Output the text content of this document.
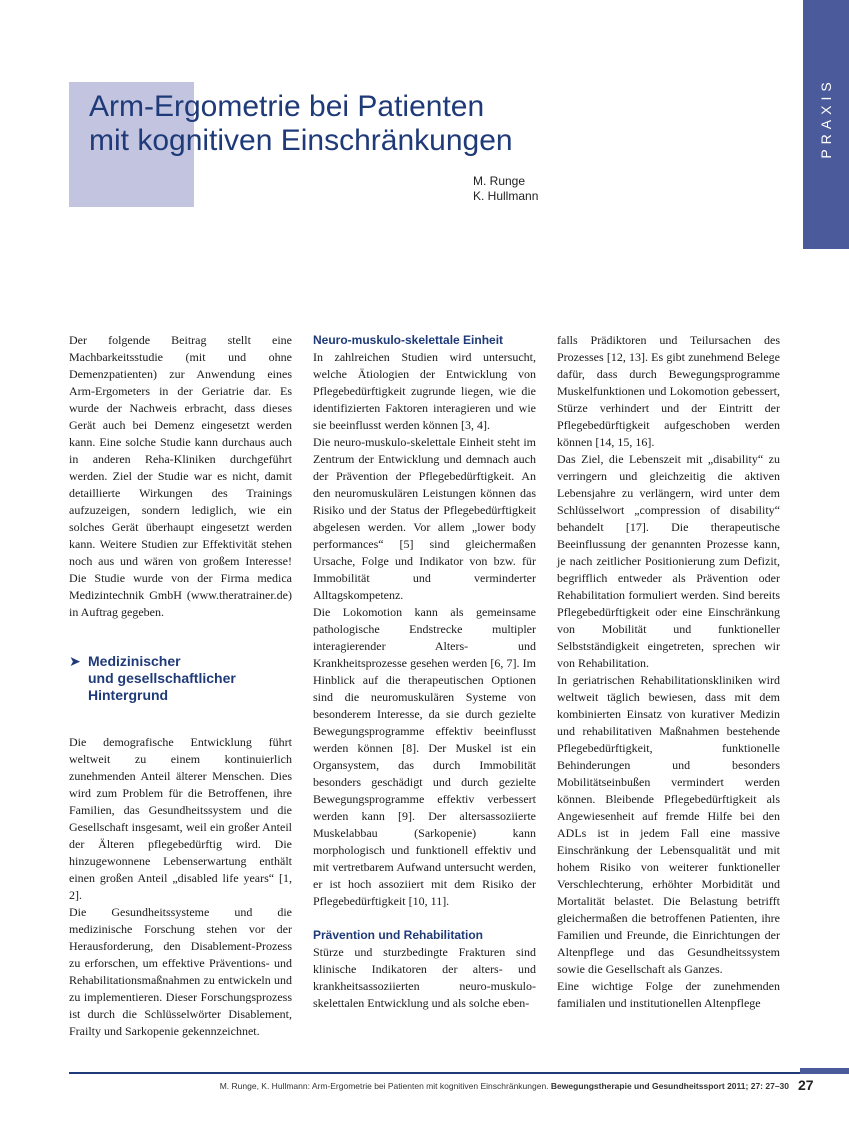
Arm-Ergometrie bei Patienten
mit kognitiven Einschränkungen
M. Runge
K. Hullmann
PRAXIS

Der folgende Beitrag stellt eine Machbarkeitsstudie (mit und ohne Demenzpatienten) zur Anwendung eines Arm-Ergometers in der Geriatrie dar. Es wurde der Nachweis erbracht, dass dieses Gerät auch bei Demenz eingesetzt werden kann. Eine solche Studie kann durchaus auch in anderen Reha-Kliniken durchgeführt werden. Ziel der Studie war es nicht, damit detaillierte Wirkungen des Trainings aufzuzeigen, sondern lediglich, wie ein solches Gerät überhaupt eingesetzt werden kann. Weitere Studien zur Effektivität stehen noch aus und wären von großem Interesse! Die Studie wurde von der Firma medica Medizintechnik GmbH (www.theratrainer.de) in Auftrag gegeben.

➤ Medizinischer
und gesellschaftlicher
Hintergrund

Die demografische Entwicklung führt weltweit zu einem kontinuierlich zunehmenden Anteil älterer Menschen. Dies wird zum Problem für die Betroffenen, ihre Familien, das Gesundheitssystem und die Gesellschaft insgesamt, weil ein großer Anteil der Älteren pflegebedürftig wird. Die hinzugewonnene Lebenserwartung enthält einen großen Anteil „disabled life years“ [1, 2].

Die Gesundheitssysteme und die medizinische Forschung stehen vor der Herausforderung, den Disablement-Prozess zu erforschen, um effektive Präventions- und Rehabilitationsmaßnahmen zu entwickeln und zu implementieren. Dieser Forschungsprozess ist durch die Schlüsselwörter Disablement, Frailty und Sarkopenie gekennzeichnet.

Neuro-muskulo-skelettale Einheit

In zahlreichen Studien wird untersucht, welche Ätiologien der Entwicklung von Pflegebedürftigkeit zugrunde liegen, wie die identifizierten Faktoren interagieren und wie sie beeinflusst werden können [3, 4].

Die neuro-muskulo-skelettale Einheit steht im Zentrum der Entwicklung und demnach auch der Prävention der Pflegebedürftigkeit. An den neuromuskulären Leistungen können das Risiko und der Status der Pflegebedürftigkeit abgelesen werden. Vor allem „lower body performances“ [5] sind gleichermaßen Ursache, Folge und Indikator von bzw. für Immobilität und verminderter Alltagskompetenz.

Die Lokomotion kann als gemeinsame pathologische Endstrecke multipler interagierender Alters- und Krankheitsprozesse gesehen werden [6, 7]. Im Hinblick auf die therapeutischen Optionen sind die neuromuskulären Systeme von besonderem Interesse, da sie durch gezielte Bewegungsprogramme effektiv beeinflusst werden können [8]. Der Muskel ist ein Organsystem, das durch Immobilität besonders geschädigt und durch gezielte Bewegungsprogramme effektiv verbessert werden kann [9]. Der altersassoziierte Muskelabbau (Sarkopenie) kann morphologisch und funktionell effektiv und mit vertretbarem Aufwand untersucht werden, er ist hoch assoziiert mit dem Risiko der Pflegebedürftigkeit [10, 11].

Prävention und Rehabilitation

Stürze und sturzbedingte Frakturen sind klinische Indikatoren der alters- und krankheitsassoziierten neuro-muskulo-skelettalen Entwicklung und als solche eben-

falls Prädiktoren und Teilursachen des Prozesses [12, 13]. Es gibt zunehmend Belege dafür, dass durch Bewegungsprogramme Muskelfunktionen und Lokomotion gebessert, Stürze verhindert und der Eintritt der Pflegebedürftigkeit aufgeschoben werden können [14, 15, 16].

Das Ziel, die Lebenszeit mit „disability“ zu verringern und gleichzeitig die aktiven Lebensjahre zu verlängern, wird unter dem Schlüsselwort „compression of disability“ behandelt [17]. Die therapeutische Beeinflussung der genannten Prozesse kann, je nach zeitlicher Positionierung zum Defizit, begrifflich entweder als Prävention oder Rehabilitation formuliert werden. Sind bereits Pflegebedürftigkeit oder eine Einschränkung von Mobilität und funktioneller Selbstständigkeit eingetreten, sprechen wir von Rehabilitation.

In geriatrischen Rehabilitationskliniken wird weltweit täglich bewiesen, dass mit dem kombinierten Einsatz von kurativer Medizin und rehabilitativen Maßnahmen bestehende Pflegebedürftigkeit, funktionelle Behinderungen und besonders Mobilitätseinbußen vermindert werden können. Bleibende Pflegebedürftigkeit als Angewiesenheit auf fremde Hilfe bei den ADLs ist in jedem Fall eine massive Einschränkung der Lebensqualität und mit hohem Risiko von weiterer funktioneller Verschlechterung, erhöhter Morbidität und Mortalität belastet. Die Belastung betrifft gleichermaßen die betroffenen Patienten, ihre Familien und Freunde, die Einrichtungen der Altenpflege und das Gesundheitssystem sowie die Gesellschaft als Ganzes.

Eine wichtige Folge der zunehmenden familialen und institutionellen Altenpflege

M. Runge, K. Hullmann: Arm-Ergometrie bei Patienten mit kognitiven Einschränkungen. Bewegungstherapie und Gesundheitssport 2011; 27: 27–30 27
